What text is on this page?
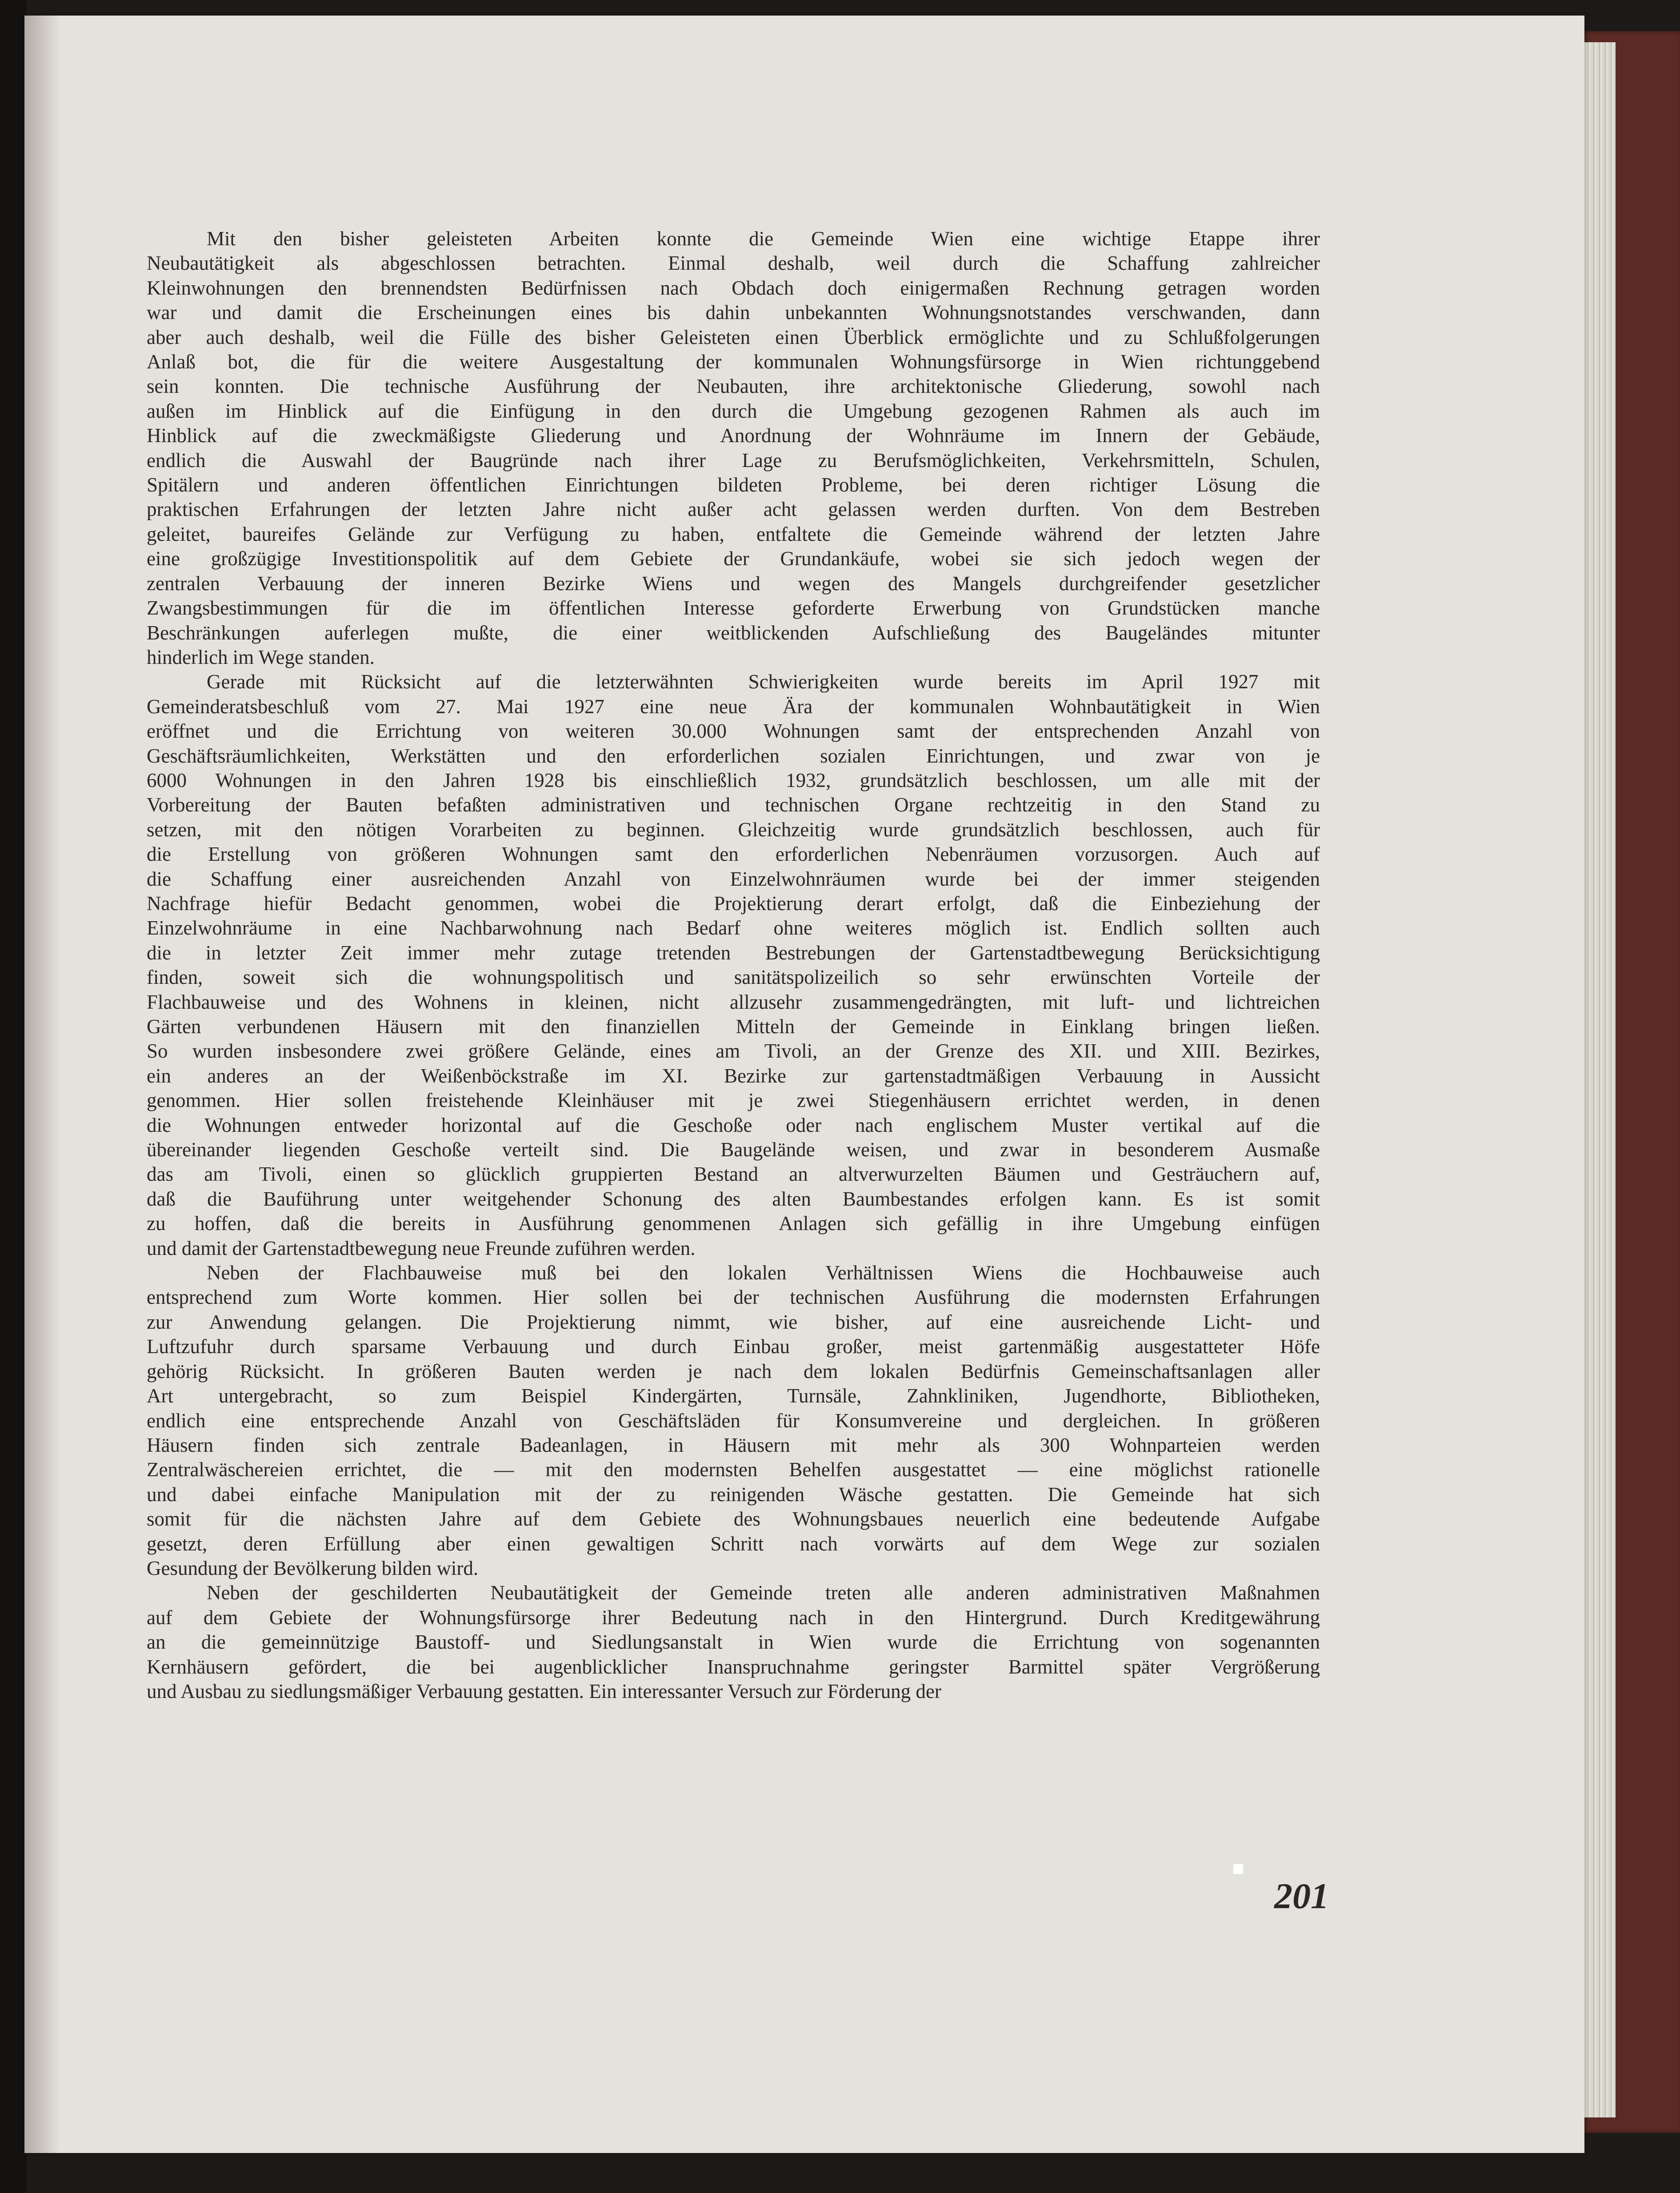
Mit den bisher geleisteten Arbeiten konnte die Gemeinde Wien eine wichtige Etappe ihrer
Neubautätigkeit als abgeschlossen betrachten. Einmal deshalb, weil durch die Schaffung zahlreicher
Kleinwohnungen den brennendsten Bedürfnissen nach Obdach doch einigermaßen Rechnung getragen worden
war und damit die Erscheinungen eines bis dahin unbekannten Wohnungsnotstandes verschwanden, dann
aber auch deshalb, weil die Fülle des bisher Geleisteten einen Überblick ermöglichte und zu Schlußfolgerungen
Anlaß bot, die für die weitere Ausgestaltung der kommunalen Wohnungsfürsorge in Wien richtunggebend
sein konnten. Die technische Ausführung der Neubauten, ihre architektonische Gliederung, sowohl nach
außen im Hinblick auf die Einfügung in den durch die Umgebung gezogenen Rahmen als auch im
Hinblick auf die zweckmäßigste Gliederung und Anordnung der Wohnräume im Innern der Gebäude,
endlich die Auswahl der Baugründe nach ihrer Lage zu Berufsmöglichkeiten, Verkehrsmitteln, Schulen,
Spitälern und anderen öffentlichen Einrichtungen bildeten Probleme, bei deren richtiger Lösung die
praktischen Erfahrungen der letzten Jahre nicht außer acht gelassen werden durften. Von dem Bestreben
geleitet, baureifes Gelände zur Verfügung zu haben, entfaltete die Gemeinde während der letzten Jahre
eine großzügige Investitionspolitik auf dem Gebiete der Grundankäufe, wobei sie sich jedoch wegen der
zentralen Verbauung der inneren Bezirke Wiens und wegen des Mangels durchgreifender gesetzlicher
Zwangsbestimmungen für die im öffentlichen Interesse geforderte Erwerbung von Grundstücken manche
Beschränkungen auferlegen mußte, die einer weitblickenden Aufschließung des Baugeländes mitunter
hinderlich im Wege standen.

Gerade mit Rücksicht auf die letzterwähnten Schwierigkeiten wurde bereits im April 1927 mit
Gemeinderatsbeschluß vom 27. Mai 1927 eine neue Ära der kommunalen Wohnbautätigkeit in Wien
eröffnet und die Errichtung von weiteren 30.000 Wohnungen samt der entsprechenden Anzahl von
Geschäftsräumlichkeiten, Werkstätten und den erforderlichen sozialen Einrichtungen, und zwar von je
6000 Wohnungen in den Jahren 1928 bis einschließlich 1932, grundsätzlich beschlossen, um alle mit der
Vorbereitung der Bauten befaßten administrativen und technischen Organe rechtzeitig in den Stand zu
setzen, mit den nötigen Vorarbeiten zu beginnen. Gleichzeitig wurde grundsätzlich beschlossen, auch für
die Erstellung von größeren Wohnungen samt den erforderlichen Nebenräumen vorzusorgen. Auch auf
die Schaffung einer ausreichenden Anzahl von Einzelwohnräumen wurde bei der immer steigenden
Nachfrage hiefür Bedacht genommen, wobei die Projektierung derart erfolgt, daß die Einbeziehung der
Einzelwohnräume in eine Nachbarwohnung nach Bedarf ohne weiteres möglich ist. Endlich sollten auch
die in letzter Zeit immer mehr zutage tretenden Bestrebungen der Gartenstadtbewegung Berücksichtigung
finden, soweit sich die wohnungspolitisch und sanitätspolizeilich so sehr erwünschten Vorteile der
Flachbauweise und des Wohnens in kleinen, nicht allzusehr zusammengedrängten, mit luft- und lichtreichen
Gärten verbundenen Häusern mit den finanziellen Mitteln der Gemeinde in Einklang bringen ließen.
So wurden insbesondere zwei größere Gelände, eines am Tivoli, an der Grenze des XII. und XIII. Bezirkes,
ein anderes an der Weißenböckstraße im XI. Bezirke zur gartenstadtmäßigen Verbauung in Aussicht
genommen. Hier sollen freistehende Kleinhäuser mit je zwei Stiegenhäusern errichtet werden, in denen
die Wohnungen entweder horizontal auf die Geschoße oder nach englischem Muster vertikal auf die
übereinander liegenden Geschoße verteilt sind. Die Baugelände weisen, und zwar in besonderem Ausmaße
das am Tivoli, einen so glücklich gruppierten Bestand an altverwurzelten Bäumen und Gesträuchern auf,
daß die Bauführung unter weitgehender Schonung des alten Baumbestandes erfolgen kann. Es ist somit
zu hoffen, daß die bereits in Ausführung genommenen Anlagen sich gefällig in ihre Umgebung einfügen
und damit der Gartenstadtbewegung neue Freunde zuführen werden.

Neben der Flachbauweise muß bei den lokalen Verhältnissen Wiens die Hochbauweise auch
entsprechend zum Worte kommen. Hier sollen bei der technischen Ausführung die modernsten Erfahrungen
zur Anwendung gelangen. Die Projektierung nimmt, wie bisher, auf eine ausreichende Licht- und
Luftzufuhr durch sparsame Verbauung und durch Einbau großer, meist gartenmäßig ausgestatteter Höfe
gehörig Rücksicht. In größeren Bauten werden je nach dem lokalen Bedürfnis Gemeinschaftsanlagen aller
Art untergebracht, so zum Beispiel Kindergärten, Turnsäle, Zahnkliniken, Jugendhorte, Bibliotheken,
endlich eine entsprechende Anzahl von Geschäftsläden für Konsumvereine und dergleichen. In größeren
Häusern finden sich zentrale Badeanlagen, in Häusern mit mehr als 300 Wohnparteien werden
Zentralwäschereien errichtet, die — mit den modernsten Behelfen ausgestattet — eine möglichst rationelle
und dabei einfache Manipulation mit der zu reinigenden Wäsche gestatten. Die Gemeinde hat sich
somit für die nächsten Jahre auf dem Gebiete des Wohnungsbaues neuerlich eine bedeutende Aufgabe
gesetzt, deren Erfüllung aber einen gewaltigen Schritt nach vorwärts auf dem Wege zur sozialen
Gesundung der Bevölkerung bilden wird.

Neben der geschilderten Neubautätigkeit der Gemeinde treten alle anderen administrativen Maßnahmen
auf dem Gebiete der Wohnungsfürsorge ihrer Bedeutung nach in den Hintergrund. Durch Kreditgewährung
an die gemeinnützige Baustoff- und Siedlungsanstalt in Wien wurde die Errichtung von sogenannten
Kernhäusern gefördert, die bei augenblicklicher Inanspruchnahme geringster Barmittel später Vergrößerung
und Ausbau zu siedlungsmäßiger Verbauung gestatten. Ein interessanter Versuch zur Förderung der

201
